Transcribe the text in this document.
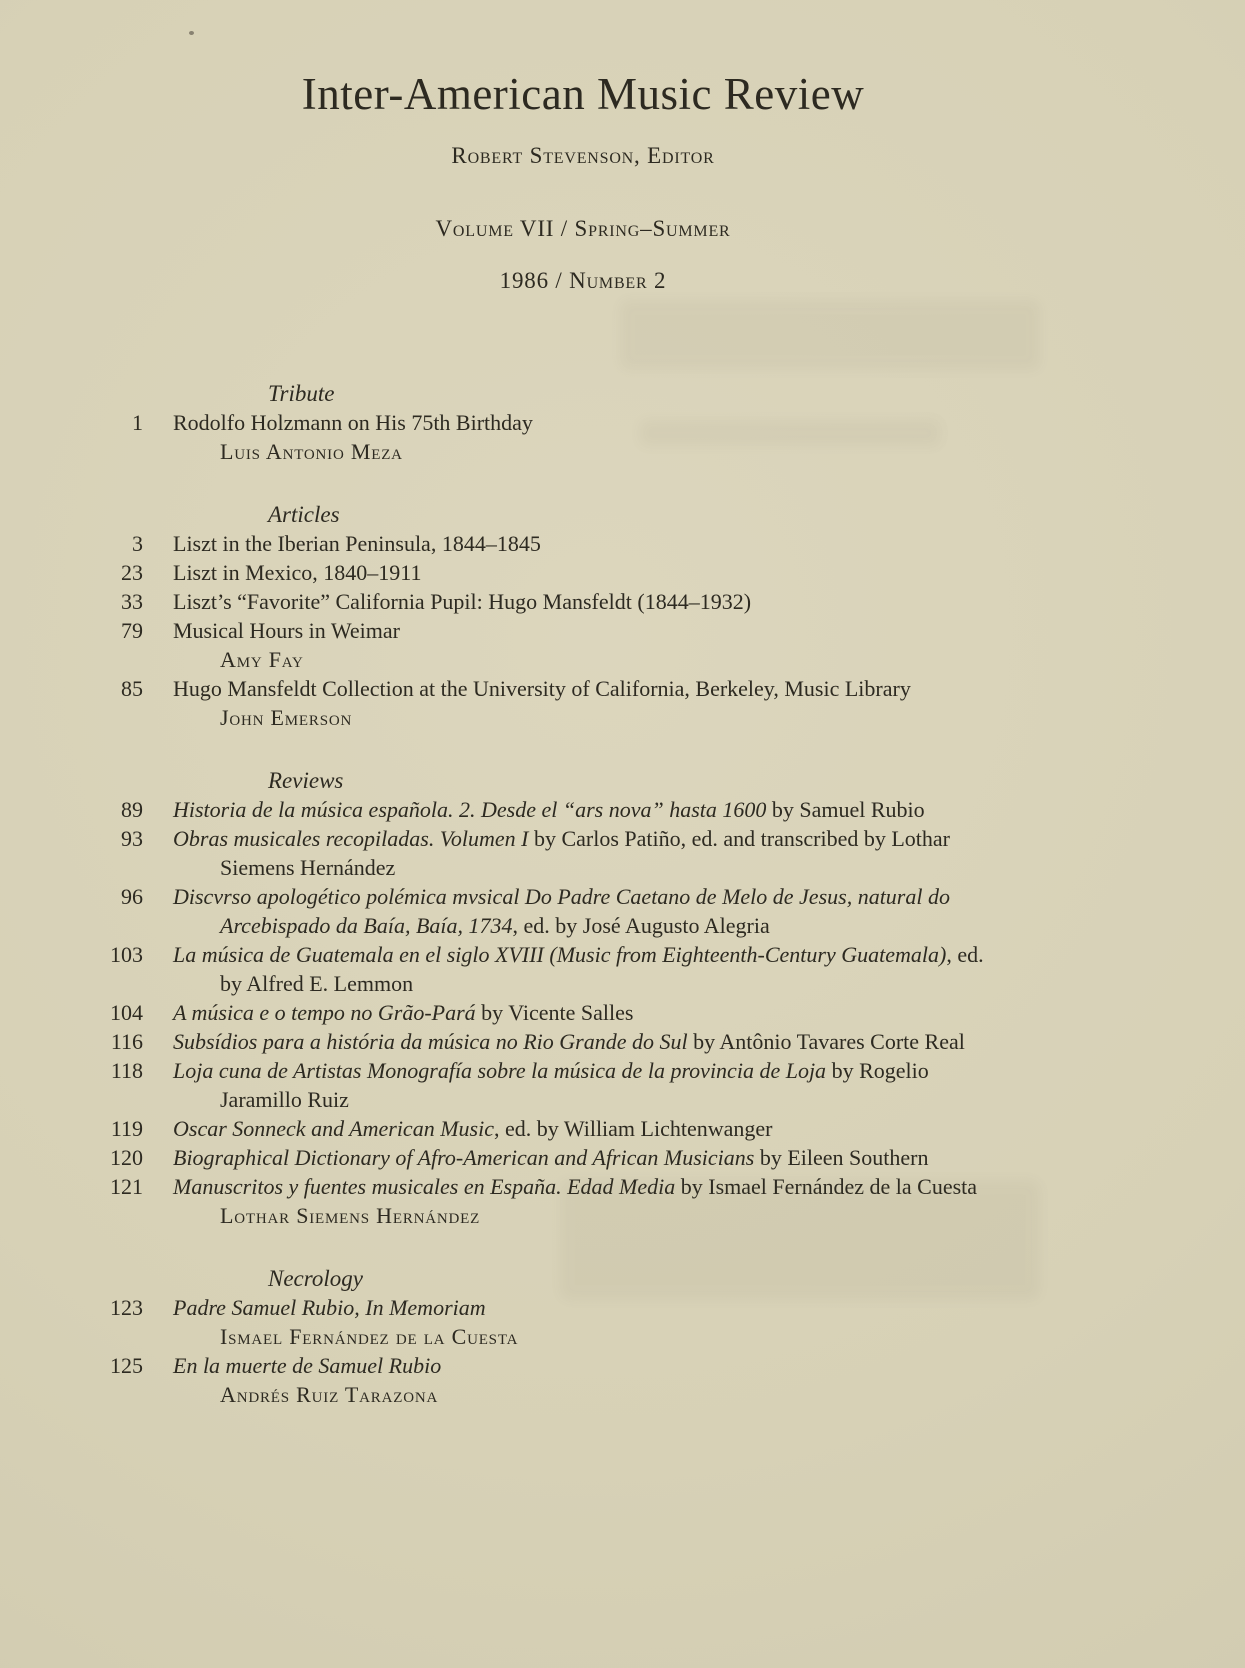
Inter-American Music Review
Robert Stevenson, Editor
Volume VII / Spring–Summer
1986 / Number 2
Tribute
1 Rodolfo Holzmann on His 75th Birthday
Luis Antonio Meza
Articles
3 Liszt in the Iberian Peninsula, 1844–1845
23 Liszt in Mexico, 1840–1911
33 Liszt’s “Favorite” California Pupil: Hugo Mansfeldt (1844–1932)
79 Musical Hours in Weimar
Amy Fay
85 Hugo Mansfeldt Collection at the University of California, Berkeley, Music Library
John Emerson
Reviews
89 Historia de la música española. 2. Desde el “ars nova” hasta 1600 by Samuel Rubio
93 Obras musicales recopiladas. Volumen I by Carlos Patiño, ed. and transcribed by Lothar
Siemens Hernández
96 Discvrso apologético polémica mvsical Do Padre Caetano de Melo de Jesus, natural do
Arcebispado da Baía, Baía, 1734, ed. by José Augusto Alegria
103 La música de Guatemala en el siglo XVIII (Music from Eighteenth-Century Guatemala), ed.
by Alfred E. Lemmon
104 A música e o tempo no Grão-Pará by Vicente Salles
116 Subsídios para a história da música no Rio Grande do Sul by Antônio Tavares Corte Real
118 Loja cuna de Artistas Monografía sobre la música de la provincia de Loja by Rogelio
Jaramillo Ruiz
119 Oscar Sonneck and American Music, ed. by William Lichtenwanger
120 Biographical Dictionary of Afro-American and African Musicians by Eileen Southern
121 Manuscritos y fuentes musicales en España. Edad Media by Ismael Fernández de la Cuesta
Lothar Siemens Hernández
Necrology
123 Padre Samuel Rubio, In Memoriam
Ismael Fernández de la Cuesta
125 En la muerte de Samuel Rubio
Andrés Ruiz Tarazona
